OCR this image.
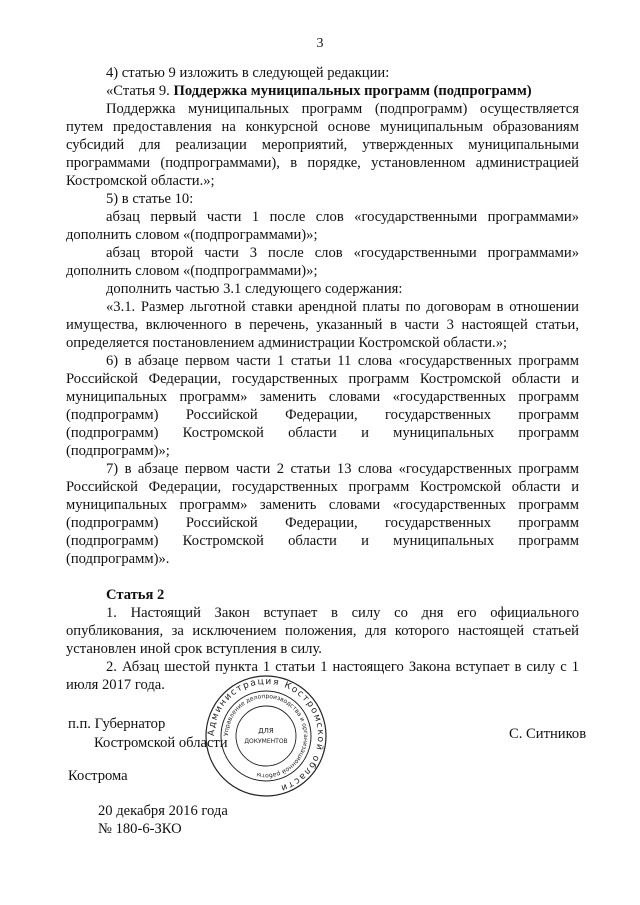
3

4) статью 9 изложить в следующей редакции:

«Статья 9. Поддержка муниципальных программ (подпрограмм)

Поддержка муниципальных программ (подпрограмм) осуществляется путем предоставления на конкурсной основе муниципальным образованиям субсидий для реализации мероприятий, утвержденных муниципальными программами (подпрограммами), в порядке, установленном администрацией Костромской области.»;

5) в статье 10:

абзац первый части 1 после слов «государственными программами» дополнить словом «(подпрограммами)»;

абзац второй части 3 после слов «государственными программами» дополнить словом «(подпрограммами)»;

дополнить частью 3.1 следующего содержания:

«3.1. Размер льготной ставки арендной платы по договорам в отношении имущества, включенного в перечень, указанный в части 3 настоящей статьи, определяется постановлением администрации Костромской области.»;

6) в абзаце первом части 1 статьи 11 слова «государственных программ Российской Федерации, государственных программ Костромской области и муниципальных программ» заменить словами «государственных программ (подпрограмм) Российской Федерации, государственных программ (подпрограмм) Костромской области и муниципальных программ (подпрограмм)»;

7) в абзаце первом части 2 статьи 13 слова «государственных программ Российской Федерации, государственных программ Костромской области и муниципальных программ» заменить словами «государственных программ (подпрограмм) Российской Федерации, государственных программ (подпрограмм) Костромской области и муниципальных программ (подпрограмм)».

Статья 2

1. Настоящий Закон вступает в силу со дня его официального опубликования, за исключением положения, для которого настоящей статьей установлен иной срок вступления в силу.

2. Абзац шестой пункта 1 статьи 1 настоящего Закона вступает в силу с 1 июля 2017 года.

п.п. Губернатор
Костромской области
Администрация Костромской области
Управление делопроизводства и организационной работы
ДЛЯ
ДОКУМЕНТОВ	С. Ситников
Кострома
20 декабря 2016 года
№ 180-6-ЗКО
